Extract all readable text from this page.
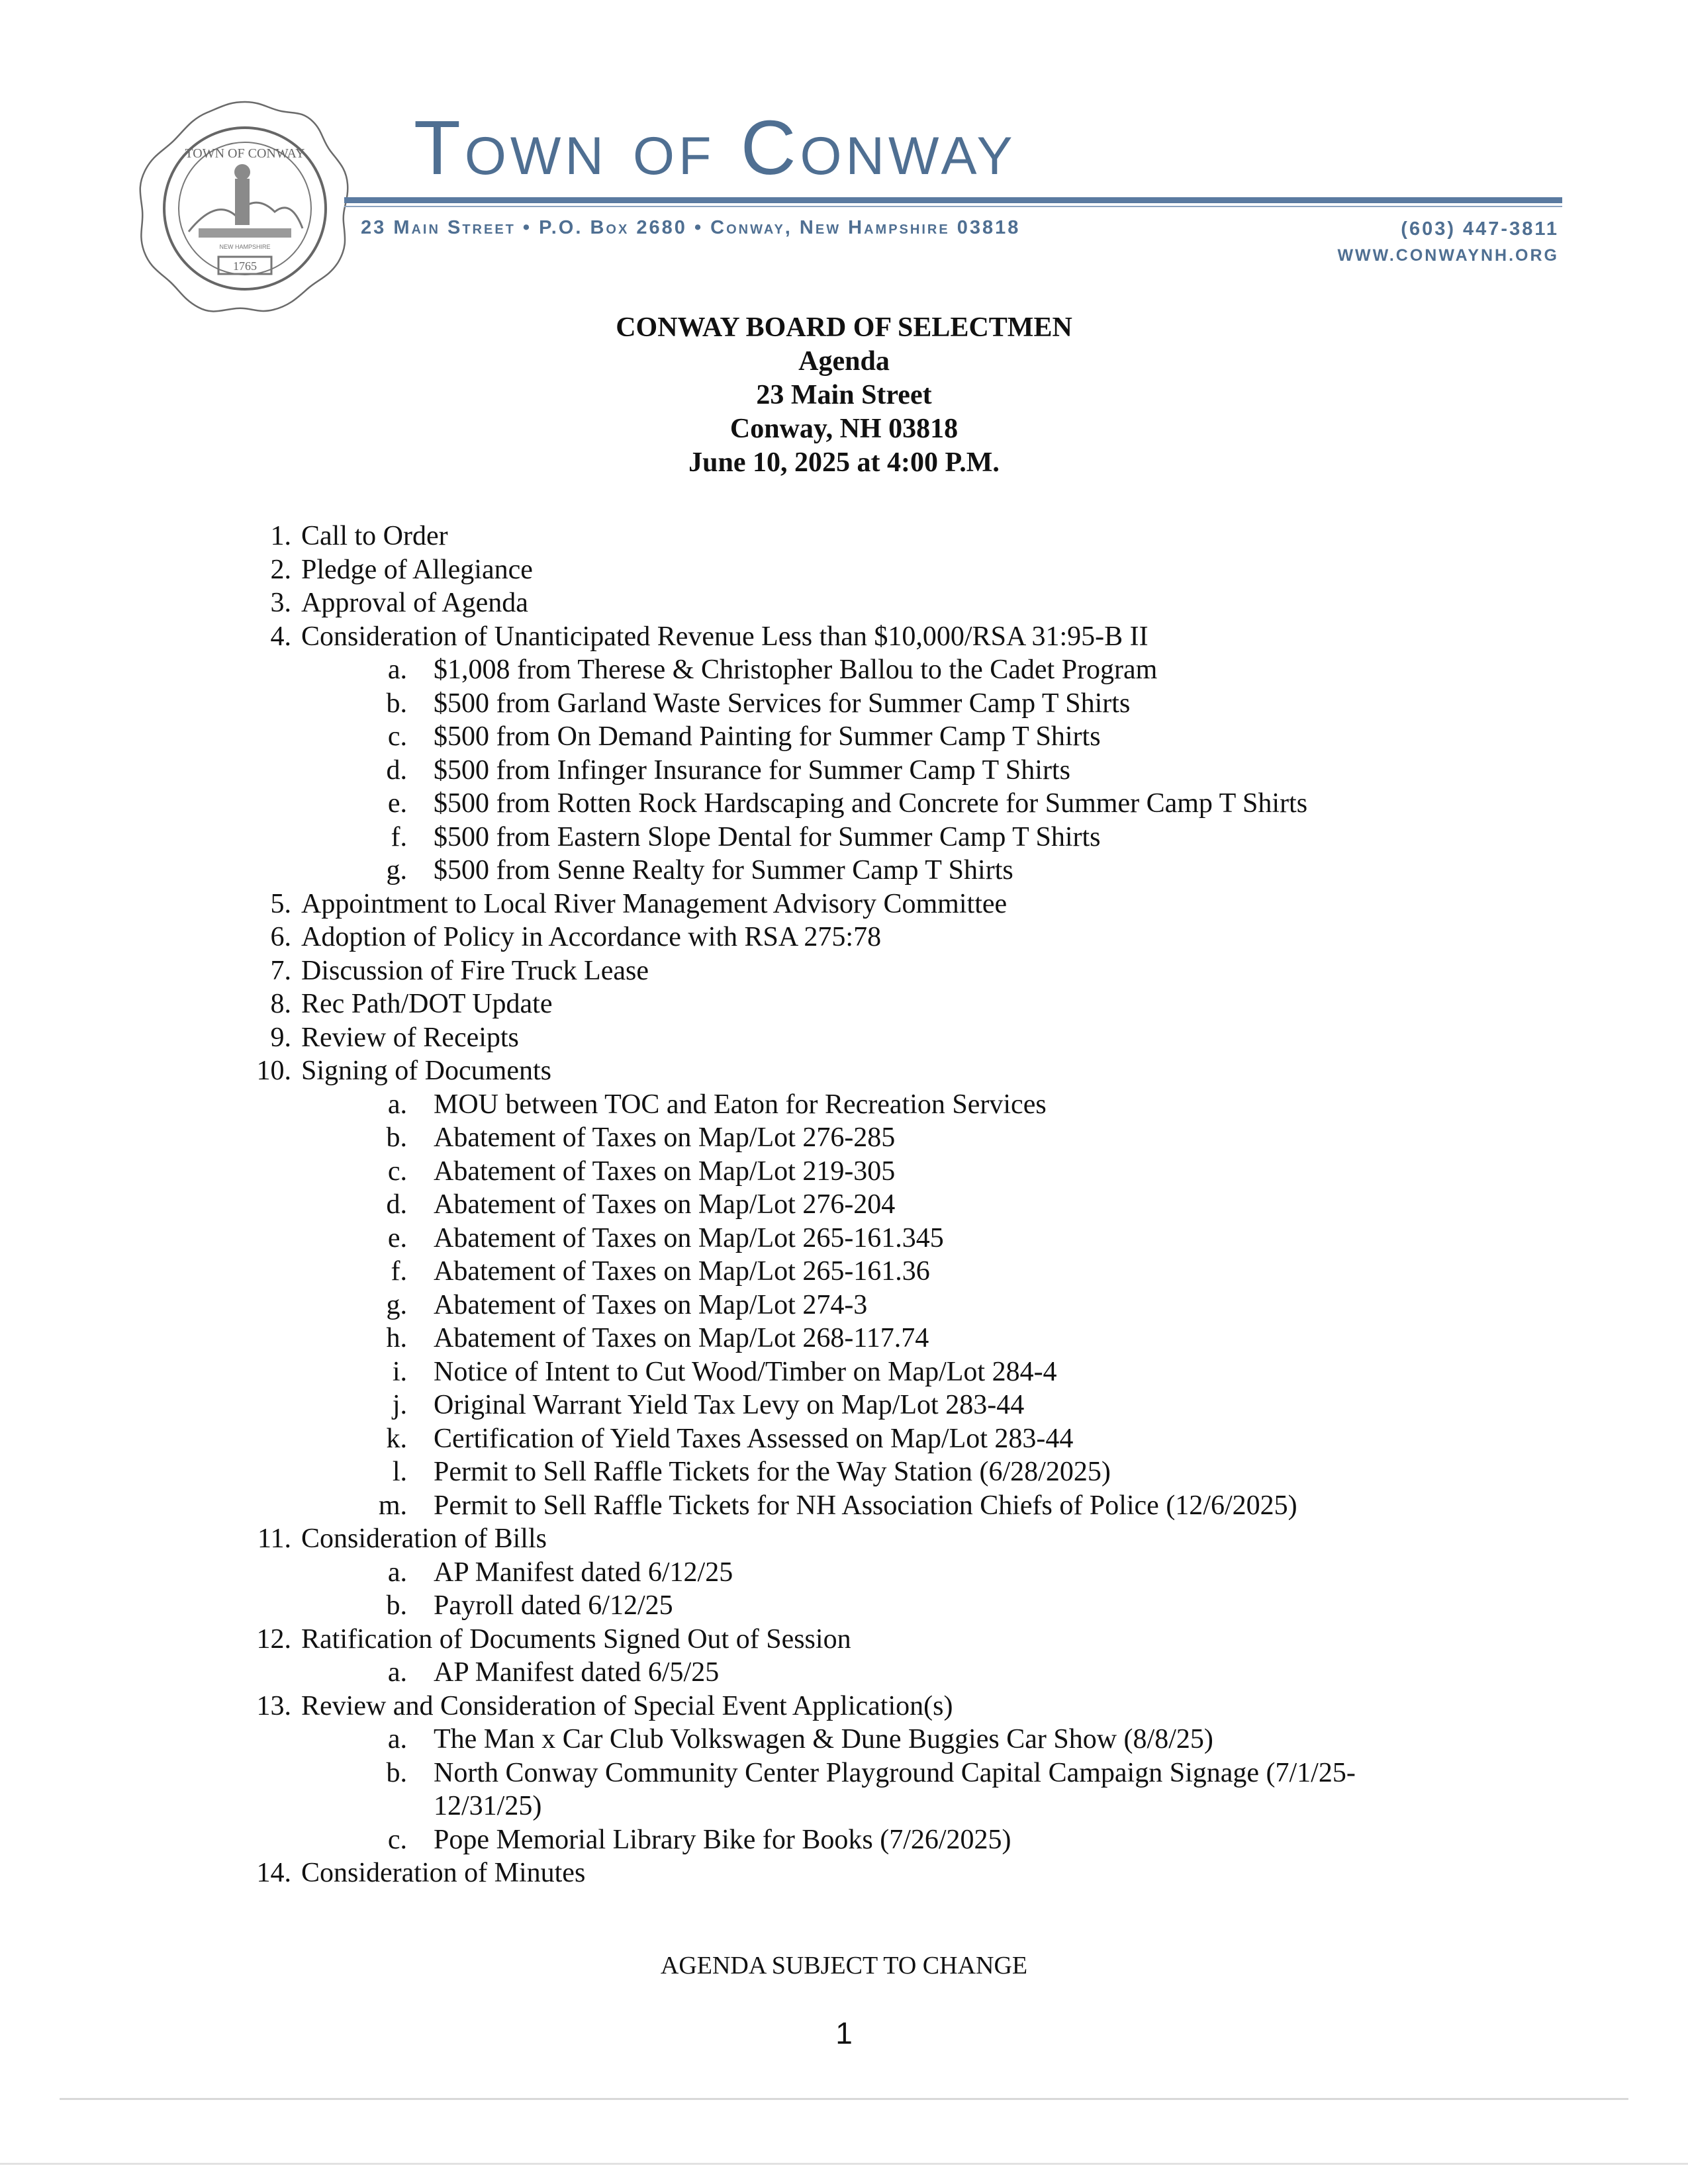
1765
TOWN OF CONWAY
NEW HAMPSHIRE
Town of Conway
23 Main Street • P.O. Box 2680 • Conway, New Hampshire 03818	(603) 447-3811
WWW.CONWAYNH.ORG
CONWAY BOARD OF SELECTMEN
Agenda
23 Main Street
Conway, NH 03818
June 10, 2025 at 4:00 P.M.
1. Call to Order
2. Pledge of Allegiance
3. Approval of Agenda
4. Consideration of Unanticipated Revenue Less than $10,000/RSA 31:95-B II
a. $1,008 from Therese & Christopher Ballou to the Cadet Program
b. $500 from Garland Waste Services for Summer Camp T Shirts
c. $500 from On Demand Painting for Summer Camp T Shirts
d. $500 from Infinger Insurance for Summer Camp T Shirts
e. $500 from Rotten Rock Hardscaping and Concrete for Summer Camp T Shirts
f. $500 from Eastern Slope Dental for Summer Camp T Shirts
g. $500 from Senne Realty for Summer Camp T Shirts
5. Appointment to Local River Management Advisory Committee
6. Adoption of Policy in Accordance with RSA 275:78
7. Discussion of Fire Truck Lease
8. Rec Path/DOT Update
9. Review of Receipts
10. Signing of Documents
a. MOU between TOC and Eaton for Recreation Services
b. Abatement of Taxes on Map/Lot 276-285
c. Abatement of Taxes on Map/Lot 219-305
d. Abatement of Taxes on Map/Lot 276-204
e. Abatement of Taxes on Map/Lot 265-161.345
f. Abatement of Taxes on Map/Lot 265-161.36
g. Abatement of Taxes on Map/Lot 274-3
h. Abatement of Taxes on Map/Lot 268-117.74
i. Notice of Intent to Cut Wood/Timber on Map/Lot 284-4
j. Original Warrant Yield Tax Levy on Map/Lot 283-44
k. Certification of Yield Taxes Assessed on Map/Lot 283-44
l. Permit to Sell Raffle Tickets for the Way Station (6/28/2025)
m. Permit to Sell Raffle Tickets for NH Association Chiefs of Police (12/6/2025)
11. Consideration of Bills
a. AP Manifest dated 6/12/25
b. Payroll dated 6/12/25
12. Ratification of Documents Signed Out of Session
a. AP Manifest dated 6/5/25
13. Review and Consideration of Special Event Application(s)
a. The Man x Car Club Volkswagen & Dune Buggies Car Show (8/8/25)
b. North Conway Community Center Playground Capital Campaign Signage (7/1/25-12/31/25)
c. Pope Memorial Library Bike for Books (7/26/2025)
14. Consideration of Minutes
AGENDA SUBJECT TO CHANGE
1
